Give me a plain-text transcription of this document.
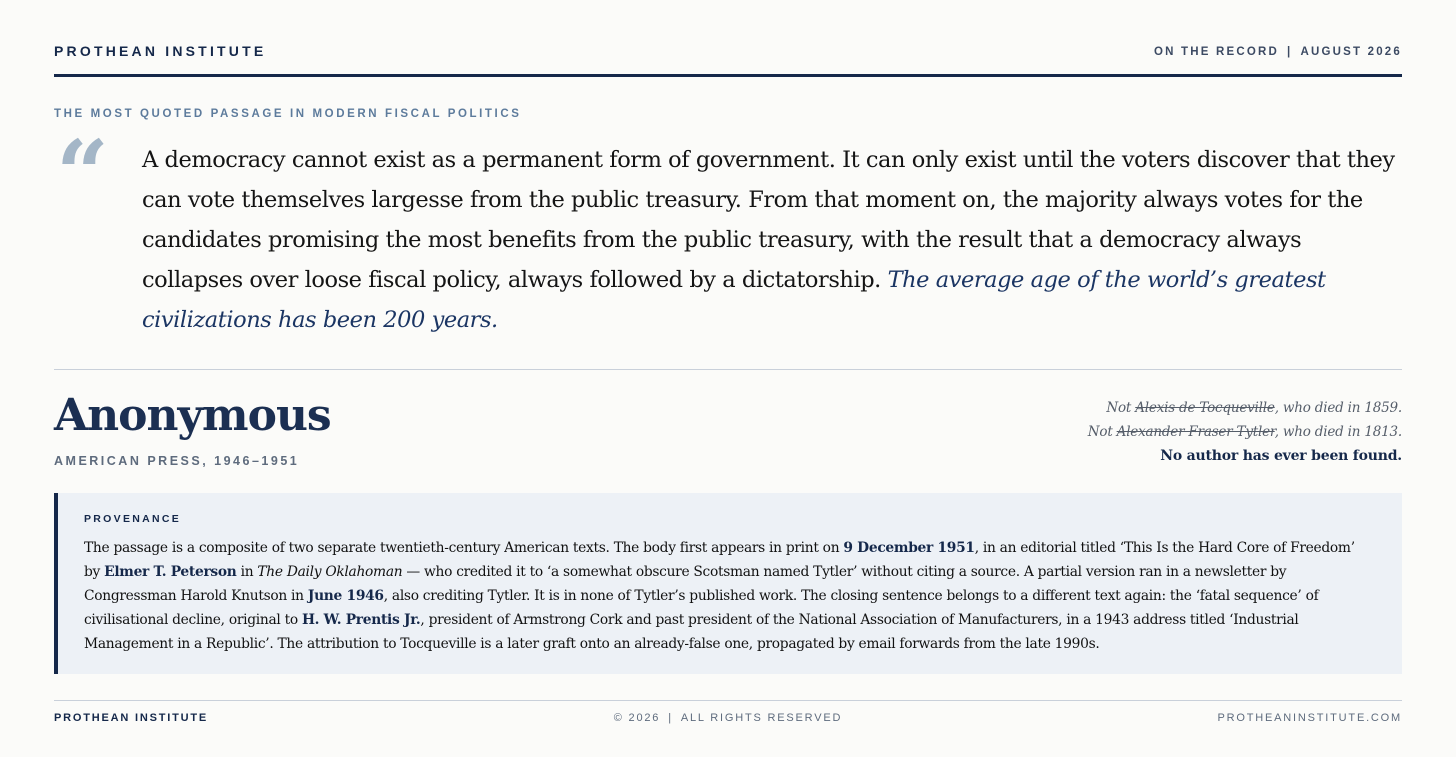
PROTHEAN INSTITUTE	ON THE RECORD | AUGUST 2026
THE MOST QUOTED PASSAGE IN MODERN FISCAL POLITICS
“ A democracy cannot exist as a permanent form of government. It can only exist until the voters discover that they can vote themselves largesse from the public treasury. From that moment on, the majority always votes for the candidates promising the most benefits from the public treasury, with the result that a democracy always collapses over loose fiscal policy, always followed by a dictatorship. The average age of the world’s greatest civilizations has been 200 years.
Anonymous
AMERICAN PRESS, 1946–1951
Not Alexis de Tocqueville, who died in 1859.
Not Alexander Fraser Tytler, who died in 1813.
No author has ever been found.
PROVENANCE
The passage is a composite of two separate twentieth-century American texts. The body first appears in print on 9 December 1951, in an editorial titled ‘This Is the Hard Core of Freedom’ by Elmer T. Peterson in The Daily Oklahoman — who credited it to ‘a somewhat obscure Scotsman named Tytler’ without citing a source. A partial version ran in a newsletter by Congressman Harold Knutson in June 1946, also crediting Tytler. It is in none of Tytler’s published work. The closing sentence belongs to a different text again: the ‘fatal sequence’ of civilisational decline, original to H. W. Prentis Jr., president of Armstrong Cork and past president of the National Association of Manufacturers, in a 1943 address titled ‘Industrial Management in a Republic’. The attribution to Tocqueville is a later graft onto an already-false one, propagated by email forwards from the late 1990s.
PROTHEAN INSTITUTE	© 2026 | ALL RIGHTS RESERVED	PROTHEANINSTITUTE.COM
